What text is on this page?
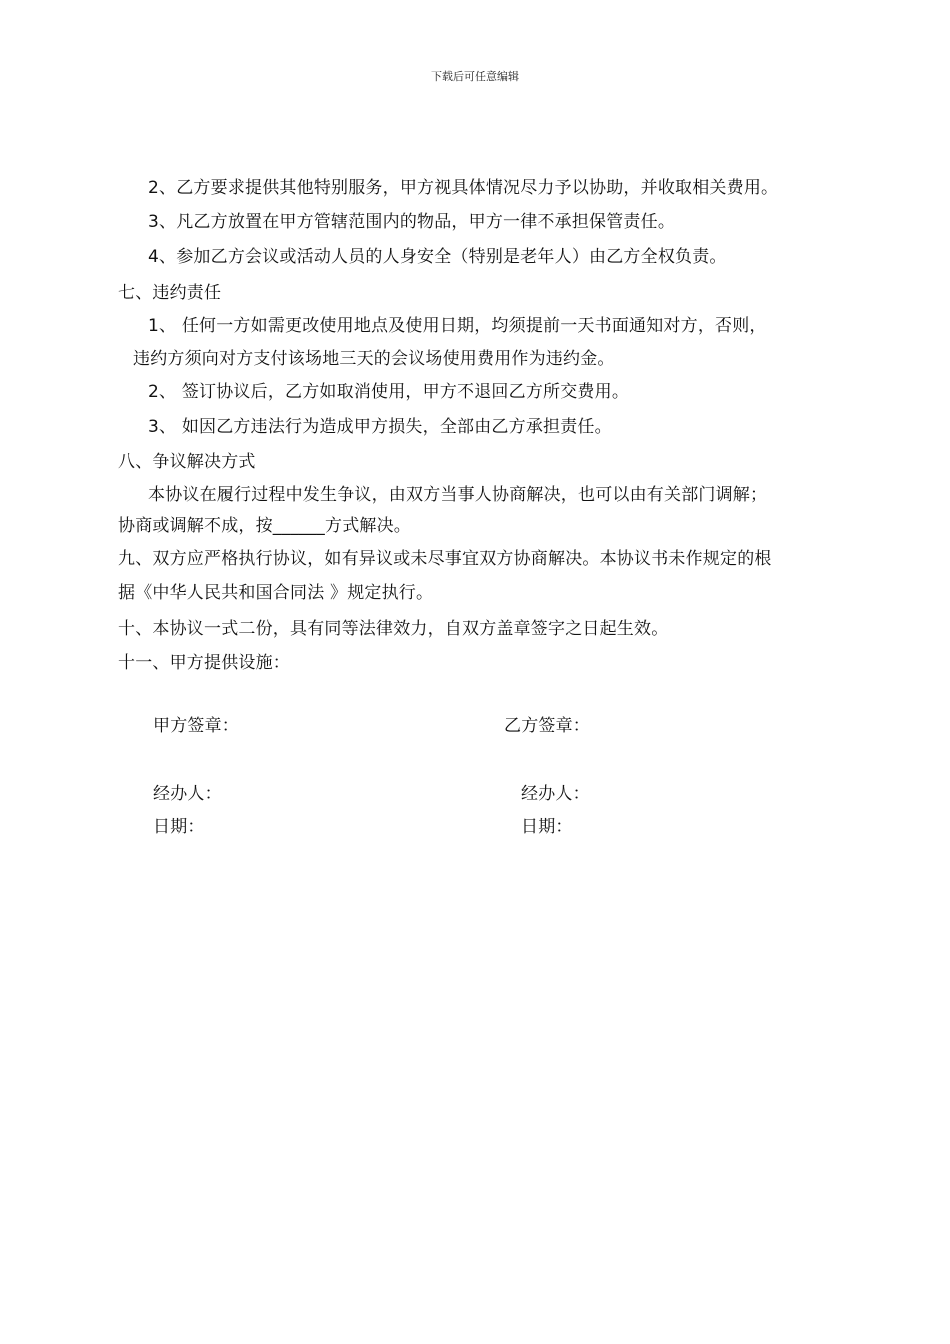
下载后可任意编辑
2、乙方要求提供其他特别服务，甲方视具体情况尽力予以协助，并收取相关费用。
3、凡乙方放置在甲方管辖范围内的物品，甲方一律不承担保管责任。
4、参加乙方会议或活动人员的人身安全（特别是老年人）由乙方全权负责。
七、违约责任
1、 任何一方如需更改使用地点及使用日期，均须提前一天书面通知对方，否则，
违约方须向对方支付该场地三天的会议场使用费用作为违约金。
2、 签订协议后，乙方如取消使用，甲方不退回乙方所交费用。
3、 如因乙方违法行为造成甲方损失，全部由乙方承担责任。
八、争议解决方式
本协议在履行过程中发生争议，由双方当事人协商解决，也可以由有关部门调解；
协商或调解不成，按______方式解决。
九、双方应严格执行协议，如有异议或未尽事宜双方协商解决。本协议书未作规定的根
据《中华人民共和国合同法 》规定执行。
十、本协议一式二份，具有同等法律效力，自双方盖章签字之日起生效。
十一、甲方提供设施：
甲方签章：	乙方签章：
经办人：	经办人：
日期：	日期：
